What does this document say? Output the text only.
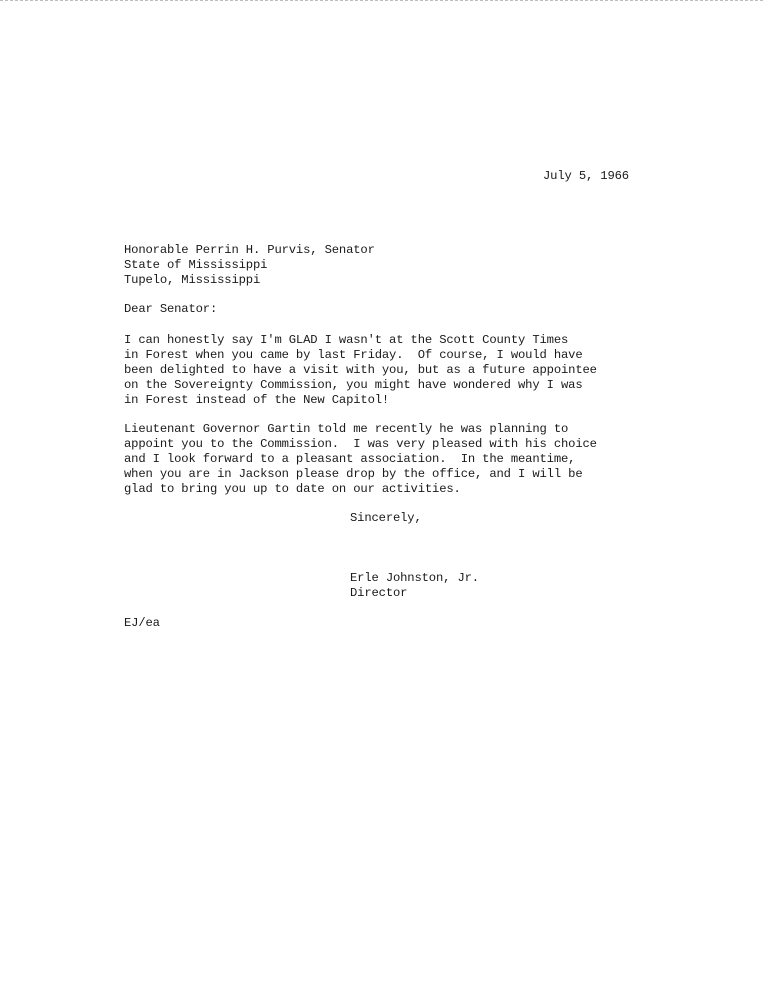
July 5, 1966
Honorable Perrin H. Purvis, Senator
State of Mississippi
Tupelo, Mississippi
Dear Senator:
I can honestly say I'm GLAD I wasn't at the Scott County Times
in Forest when you came by last Friday.  Of course, I would have
been delighted to have a visit with you, but as a future appointee
on the Sovereignty Commission, you might have wondered why I was
in Forest instead of the New Capitol!
Lieutenant Governor Gartin told me recently he was planning to
appoint you to the Commission.  I was very pleased with his choice
and I look forward to a pleasant association.  In the meantime,
when you are in Jackson please drop by the office, and I will be
glad to bring you up to date on our activities.
Sincerely,
Erle Johnston, Jr.
Director
EJ/ea
